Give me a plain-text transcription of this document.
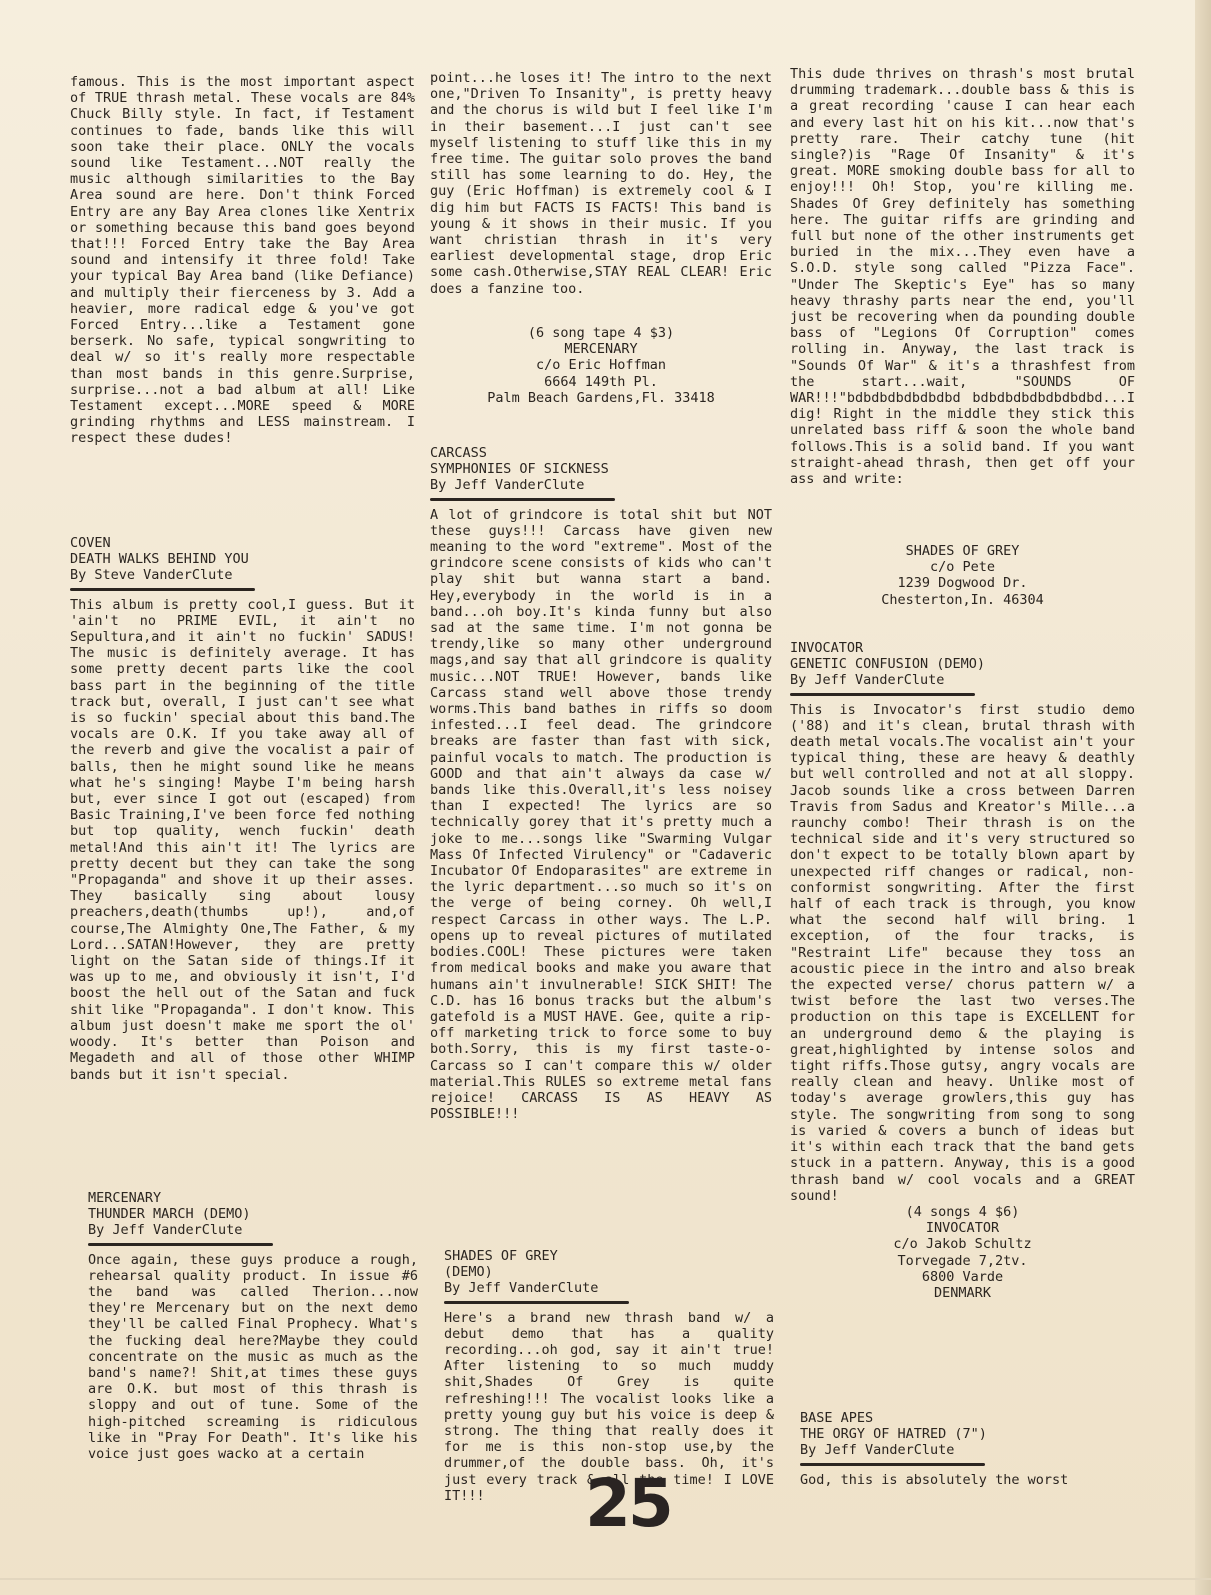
famous. This is the most important aspect of TRUE thrash metal. These vocals are 84% Chuck Billy style. In fact, if Testament continues to fade, bands like this will soon take their place. ONLY the vocals sound like Testament...NOT really the music although similarities to the Bay Area sound are here. Don't think Forced Entry are any Bay Area clones like Xentrix or something because this band goes beyond that!!! Forced Entry take the Bay Area sound and intensify it three fold! Take your typical Bay Area band (like Defiance) and multiply their fierceness by 3. Add a heavier, more radical edge & you've got Forced Entry...like a Testament gone berserk. No safe, typical songwriting to deal w/ so it's really more respectable than most bands in this genre.Surprise, surprise...not a bad album at all! Like Testament except...MORE speed & MORE grinding rhythms and LESS mainstream. I respect these dudes!

COVEN

DEATH WALKS BEHIND YOU

By Steve VanderClute

This album is pretty cool,I guess. But it 'ain't no PRIME EVIL, it ain't no Sepultura,and it ain't no fuckin' SADUS! The music is definitely average. It has some pretty decent parts like the cool bass part in the beginning of the title track but, overall, I just can't see what is so fuckin' special about this band.The vocals are O.K. If you take away all of the reverb and give the vocalist a pair of balls, then he might sound like he means what he's singing! Maybe I'm being harsh but, ever since I got out (escaped) from Basic Training,I've been force fed nothing but top quality, wench fuckin' death metal!And this ain't it! The lyrics are pretty decent but they can take the song "Propaganda" and shove it up their asses. They basically sing about lousy preachers,death(thumbs up!), and,of course,The Almighty One,The Father, & my Lord...SATAN!However, they are pretty light on the Satan side of things.If it was up to me, and obviously it isn't, I'd boost the hell out of the Satan and fuck shit like "Propaganda". I don't know. This album just doesn't make me sport the ol' woody. It's better than Poison and Megadeth and all of those other WHIMP bands but it isn't special.

MERCENARY

THUNDER MARCH (DEMO)

By Jeff VanderClute

Once again, these guys produce a rough, rehearsal quality product. In issue #6 the band was called Therion...now they're Mercenary but on the next demo they'll be called Final Prophecy. What's the fucking deal here?Maybe they could concentrate on the music as much as the band's name?! Shit,at times these guys are O.K. but most of this thrash is sloppy and out of tune. Some of the high-pitched screaming is ridiculous like in "Pray For Death". It's like his voice just goes wacko at a certain

point...he loses it! The intro to the next one,"Driven To Insanity", is pretty heavy and the chorus is wild but I feel like I'm in their basement...I just can't see myself listening to stuff like this in my free time. The guitar solo proves the band still has some learning to do. Hey, the guy (Eric Hoffman) is extremely cool & I dig him but FACTS IS FACTS! This band is young & it shows in their music. If you want christian thrash in it's very earliest developmental stage, drop Eric some cash.Otherwise,STAY REAL CLEAR! Eric does a fanzine too.

(6 song tape 4 $3)
MERCENARY
c/o Eric Hoffman
6664 149th Pl.
Palm Beach Gardens,Fl. 33418

CARCASS

SYMPHONIES OF SICKNESS

By Jeff VanderClute

A lot of grindcore is total shit but NOT these guys!!! Carcass have given new meaning to the word "extreme". Most of the grindcore scene consists of kids who can't play shit but wanna start a band. Hey,everybody in the world is in a band...oh boy.It's kinda funny but also sad at the same time. I'm not gonna be trendy,like so many other underground mags,and say that all grindcore is quality music...NOT TRUE! However, bands like Carcass stand well above those trendy worms.This band bathes in riffs so doom infested...I feel dead. The grindcore breaks are faster than fast with sick, painful vocals to match. The production is GOOD and that ain't always da case w/ bands like this.Overall,it's less noisey than I expected! The lyrics are so technically gorey that it's pretty much a joke to me...songs like "Swarming Vulgar Mass Of Infected Virulency" or "Cadaveric Incubator Of Endoparasites" are extreme in the lyric department...so much so it's on the verge of being corney. Oh well,I respect Carcass in other ways. The L.P. opens up to reveal pictures of mutilated bodies.COOL! These pictures were taken from medical books and make you aware that humans ain't invulnerable! SICK SHIT! The C.D. has 16 bonus tracks but the album's gatefold is a MUST HAVE. Gee, quite a rip-off marketing trick to force some to buy both.Sorry, this is my first taste-o-Carcass so I can't compare this w/ older material.This RULES so extreme metal fans rejoice! CARCASS IS AS HEAVY AS POSSIBLE!!!

SHADES OF GREY

(DEMO)

By Jeff VanderClute

Here's a brand new thrash band w/ a debut demo that has a quality recording...oh god, say it ain't true! After listening to so much muddy shit,Shades Of Grey is quite refreshing!!! The vocalist looks like a pretty young guy but his voice is deep & strong. The thing that really does it for me is this non-stop use,by the drummer,of the double bass. Oh, it's just every track & all the time! I LOVE IT!!!

This dude thrives on thrash's most brutal drumming trademark...double bass & this is a great recording 'cause I can hear each and every last hit on his kit...now that's pretty rare. Their catchy tune (hit single?)is "Rage Of Insanity" & it's great. MORE smoking double bass for all to enjoy!!! Oh! Stop, you're killing me. Shades Of Grey definitely has something here. The guitar riffs are grinding and full but none of the other instruments get buried in the mix...They even have a S.O.D. style song called "Pizza Face". "Under The Skeptic's Eye" has so many heavy thrashy parts near the end, you'll just be recovering when da pounding double bass of "Legions Of Corruption" comes rolling in. Anyway, the last track is "Sounds Of War" & it's a thrashfest from the start...wait, "SOUNDS OF WAR!!!"bdbdbdbdbdbdbd bdbdbdbdbdbdbdbd...I dig! Right in the middle they stick this unrelated bass riff & soon the whole band follows.This is a solid band. If you want straight-ahead thrash, then get off your ass and write:

SHADES OF GREY
c/o Pete
1239 Dogwood Dr.
Chesterton,In. 46304

INVOCATOR

GENETIC CONFUSION (DEMO)

By Jeff VanderClute

This is Invocator's first studio demo ('88) and it's clean, brutal thrash with death metal vocals.The vocalist ain't your typical thing, these are heavy & deathly but well controlled and not at all sloppy. Jacob sounds like a cross between Darren Travis from Sadus and Kreator's Mille...a raunchy combo! Their thrash is on the technical side and it's very structured so don't expect to be totally blown apart by unexpected riff changes or radical, non-conformist songwriting. After the first half of each track is through, you know what the second half will bring. 1 exception, of the four tracks, is "Restraint Life" because they toss an acoustic piece in the intro and also break the expected verse/ chorus pattern w/ a twist before the last two verses.The production on this tape is EXCELLENT for an underground demo & the playing is great,highlighted by intense solos and tight riffs.Those gutsy, angry vocals are really clean and heavy. Unlike most of today's average growlers,this guy has style. The songwriting from song to song is varied & covers a bunch of ideas but it's within each track that the band gets stuck in a pattern. Anyway, this is a good thrash band w/ cool vocals and a GREAT sound!

(4 songs 4 $6)
INVOCATOR
c/o Jakob Schultz
Torvegade 7,2tv.
6800 Varde
DENMARK

BASE APES

THE ORGY OF HATRED (7")

By Jeff VanderClute

God, this is absolutely the worst

25
